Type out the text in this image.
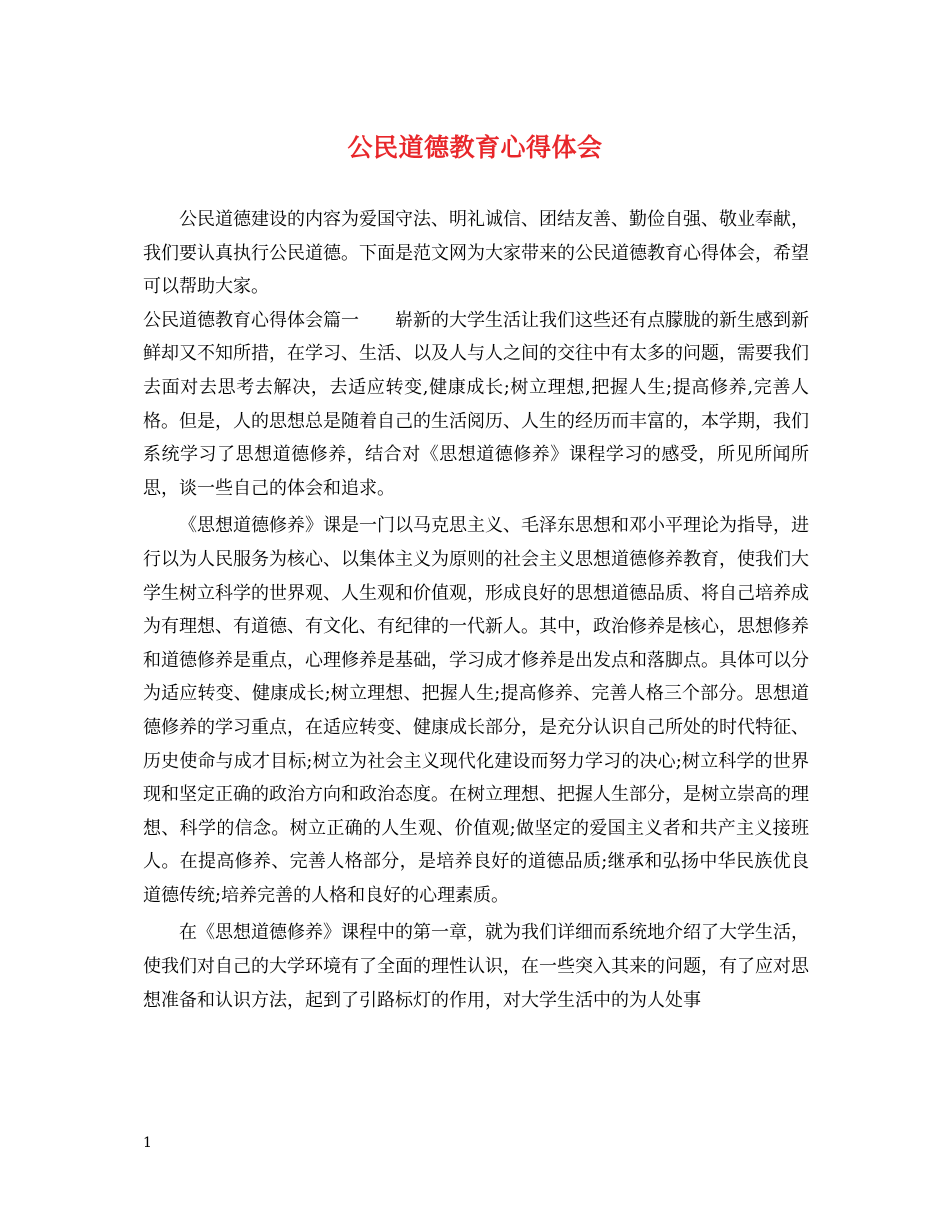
公民道德教育心得体会

公民道德建设的内容为爱国守法、明礼诚信、团结友善、勤俭自强、敬业奉献，我们要认真执行公民道德。下面是范文网为大家带来的公民道德教育心得体会，希望可以帮助大家。

公民道德教育心得体会篇一　　崭新的大学生活让我们这些还有点朦胧的新生感到新鲜却又不知所措，在学习、生活、以及人与人之间的交往中有太多的问题，需要我们去面对去思考去解决，去适应转变,健康成长;树立理想,把握人生;提高修养,完善人格。但是，人的思想总是随着自己的生活阅历、人生的经历而丰富的，本学期，我们系统学习了思想道德修养，结合对《思想道德修养》课程学习的感受，所见所闻所思，谈一些自己的体会和追求。

《思想道德修养》课是一门以马克思主义、毛泽东思想和邓小平理论为指导，进行以为人民服务为核心、以集体主义为原则的社会主义思想道德修养教育，使我们大学生树立科学的世界观、人生观和价值观，形成良好的思想道德品质、将自己培养成为有理想、有道德、有文化、有纪律的一代新人。其中，政治修养是核心，思想修养和道德修养是重点，心理修养是基础，学习成才修养是出发点和落脚点。具体可以分为适应转变、健康成长;树立理想、把握人生;提高修养、完善人格三个部分。思想道德修养的学习重点，在适应转变、健康成长部分，是充分认识自己所处的时代特征、历史使命与成才目标;树立为社会主义现代化建设而努力学习的决心;树立科学的世界现和坚定正确的政治方向和政治态度。在树立理想、把握人生部分，是树立崇高的理想、科学的信念。树立正确的人生观、价值观;做坚定的爱国主义者和共产主义接班人。在提高修养、完善人格部分，是培养良好的道德品质;继承和弘扬中华民族优良道德传统;培养完善的人格和良好的心理素质。

在《思想道德修养》课程中的第一章，就为我们详细而系统地介绍了大学生活，使我们对自己的大学环境有了全面的理性认识，在一些突入其来的问题，有了应对思想准备和认识方法，起到了引路标灯的作用，对大学生活中的为人处事

1
